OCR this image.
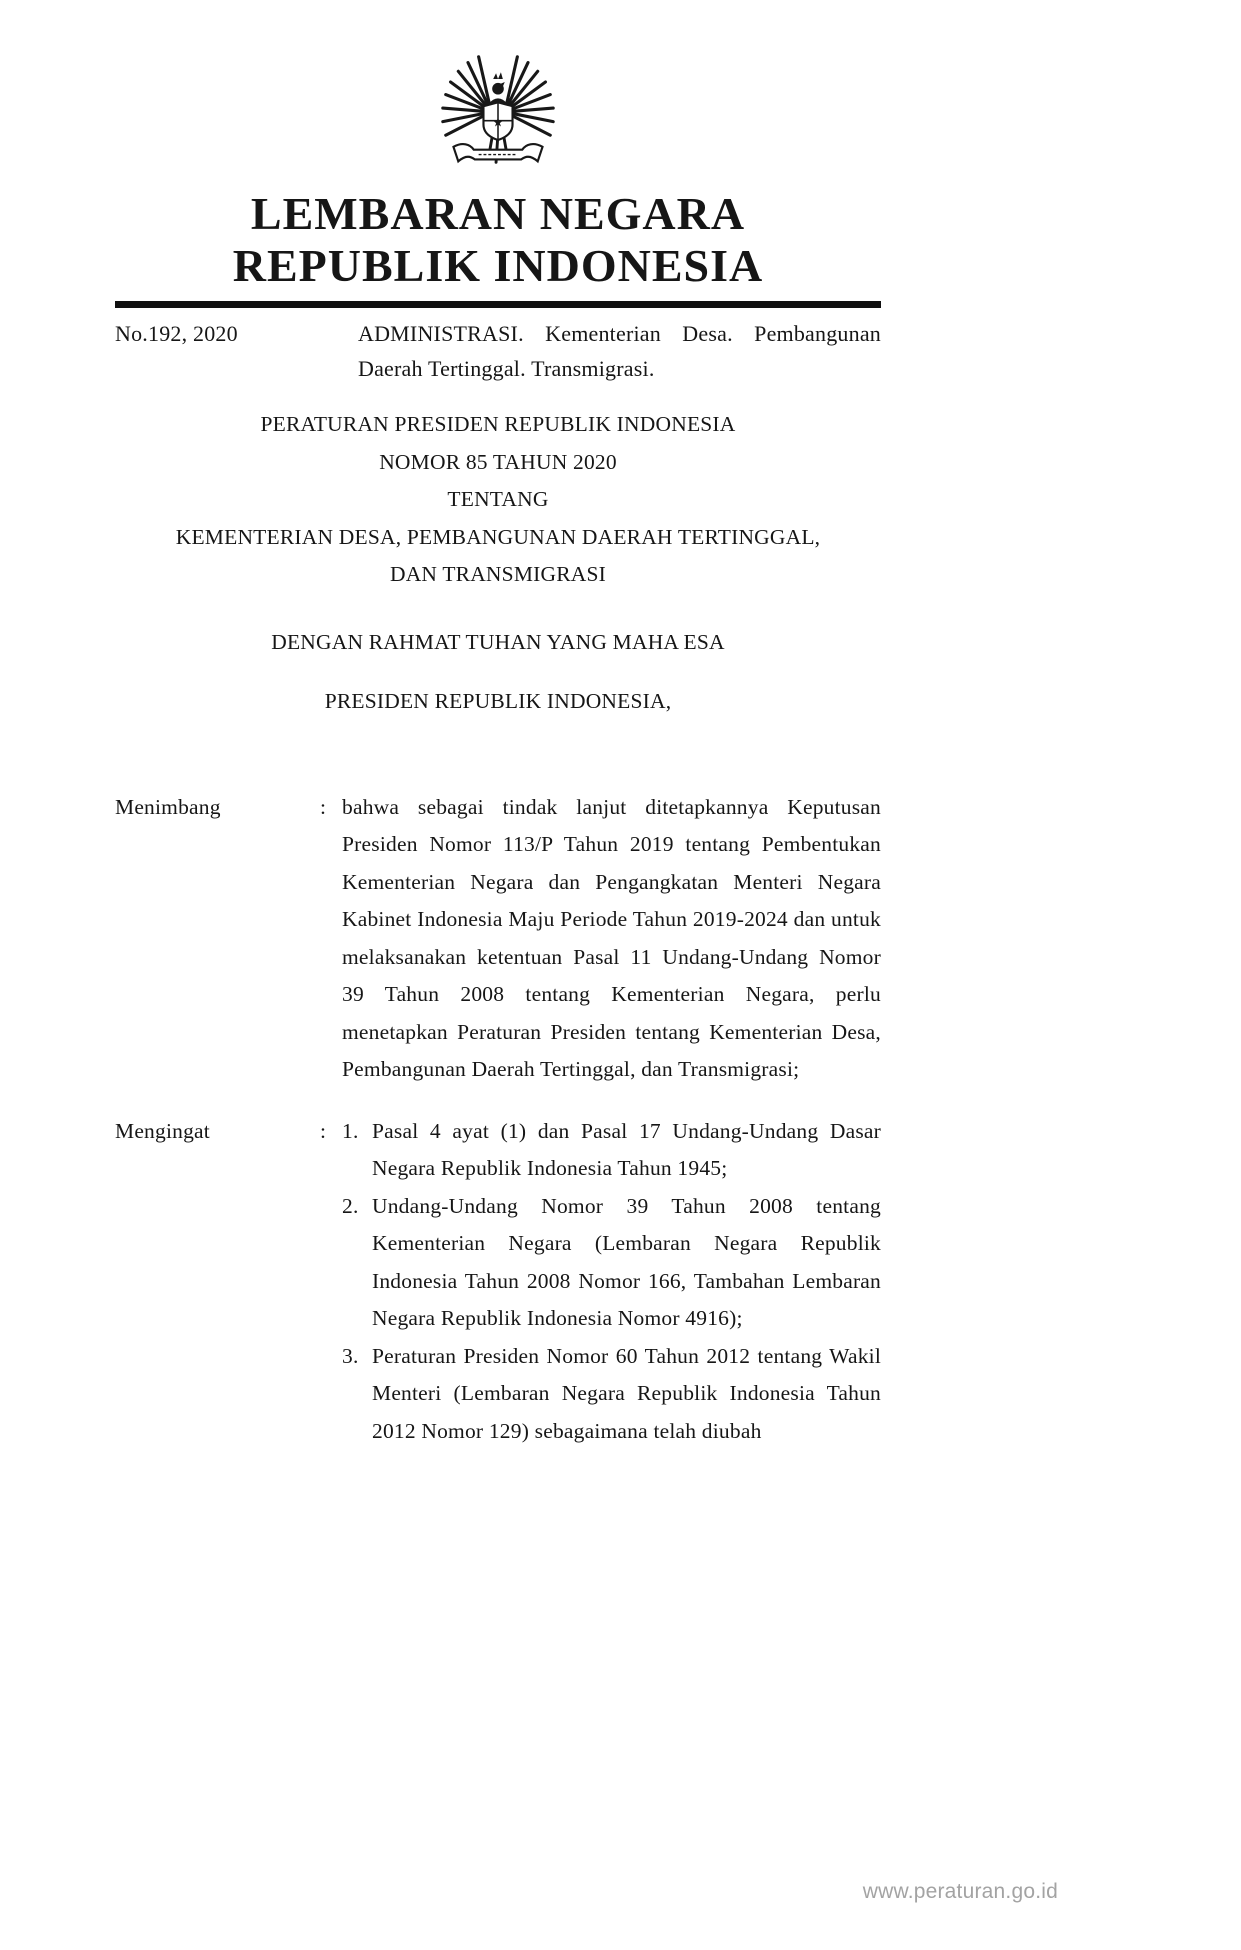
★
LEMBARAN NEGARA
REPUBLIK INDONESIA
No.192, 2020	ADMINISTRASI. Kementerian Desa. Pembangunan Daerah Tertinggal. Transmigrasi.
PERATURAN PRESIDEN REPUBLIK INDONESIA
NOMOR 85 TAHUN 2020
TENTANG
KEMENTERIAN DESA, PEMBANGUNAN DAERAH TERTINGGAL,
DAN TRANSMIGRASI
DENGAN RAHMAT TUHAN YANG MAHA ESA
PRESIDEN REPUBLIK INDONESIA,
Menimbang	: bahwa sebagai tindak lanjut ditetapkannya Keputusan Presiden Nomor 113/P Tahun 2019 tentang Pembentukan Kementerian Negara dan Pengangkatan Menteri Negara Kabinet Indonesia Maju Periode Tahun 2019-2024 dan untuk melaksanakan ketentuan Pasal 11 Undang-Undang Nomor 39 Tahun 2008 tentang Kementerian Negara, perlu menetapkan Peraturan Presiden tentang Kementerian Desa, Pembangunan Daerah Tertinggal, dan Transmigrasi;
Mengingat	: 1. Pasal 4 ayat (1) dan Pasal 17 Undang-Undang Dasar Negara Republik Indonesia Tahun 1945;
2. Undang-Undang Nomor 39 Tahun 2008 tentang Kementerian Negara (Lembaran Negara Republik Indonesia Tahun 2008 Nomor 166, Tambahan Lembaran Negara Republik Indonesia Nomor 4916);
3. Peraturan Presiden Nomor 60 Tahun 2012 tentang Wakil Menteri (Lembaran Negara Republik Indonesia Tahun 2012 Nomor 129) sebagaimana telah diubah
www.peraturan.go.id
